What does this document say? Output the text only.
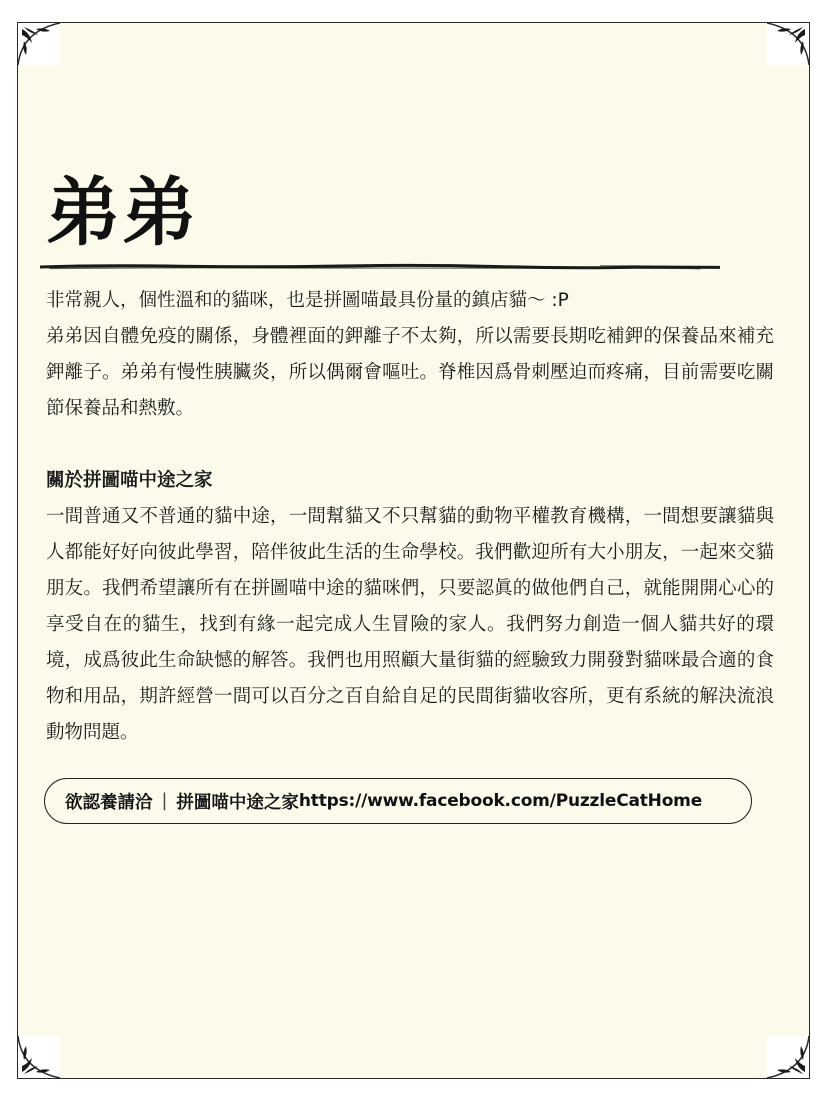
弟弟

非常親人，個性溫和的貓咪，也是拼圖喵最具份量的鎮店貓～ :P

弟弟因自體免疫的關係，身體裡面的鉀離子不太夠，所以需要長期吃補鉀的保養品來補充鉀離子。弟弟有慢性胰臟炎，所以偶爾會嘔吐。脊椎因爲骨刺壓迫而疼痛，目前需要吃關節保養品和熱敷。

關於拼圖喵中途之家

一間普通又不普通的貓中途，一間幫貓又不只幫貓的動物平權教育機構，一間想要讓貓與人都能好好向彼此學習，陪伴彼此生活的生命學校。我們歡迎所有大小朋友，一起來交貓朋友。我們希望讓所有在拼圖喵中途的貓咪們，只要認眞的做他們自己，就能開開心心的享受自在的貓生，找到有緣一起完成人生冒險的家人。我們努力創造一個人貓共好的環境，成爲彼此生命缺憾的解答。我們也用照顧大量街貓的經驗致力開發對貓咪最合適的食物和用品，期許經營一間可以百分之百自給自足的民間街貓收容所，更有系統的解決流浪動物問題。

欲認養請洽 | 拼圖喵中途之家 https://www.facebook.com/PuzzleCatHome
